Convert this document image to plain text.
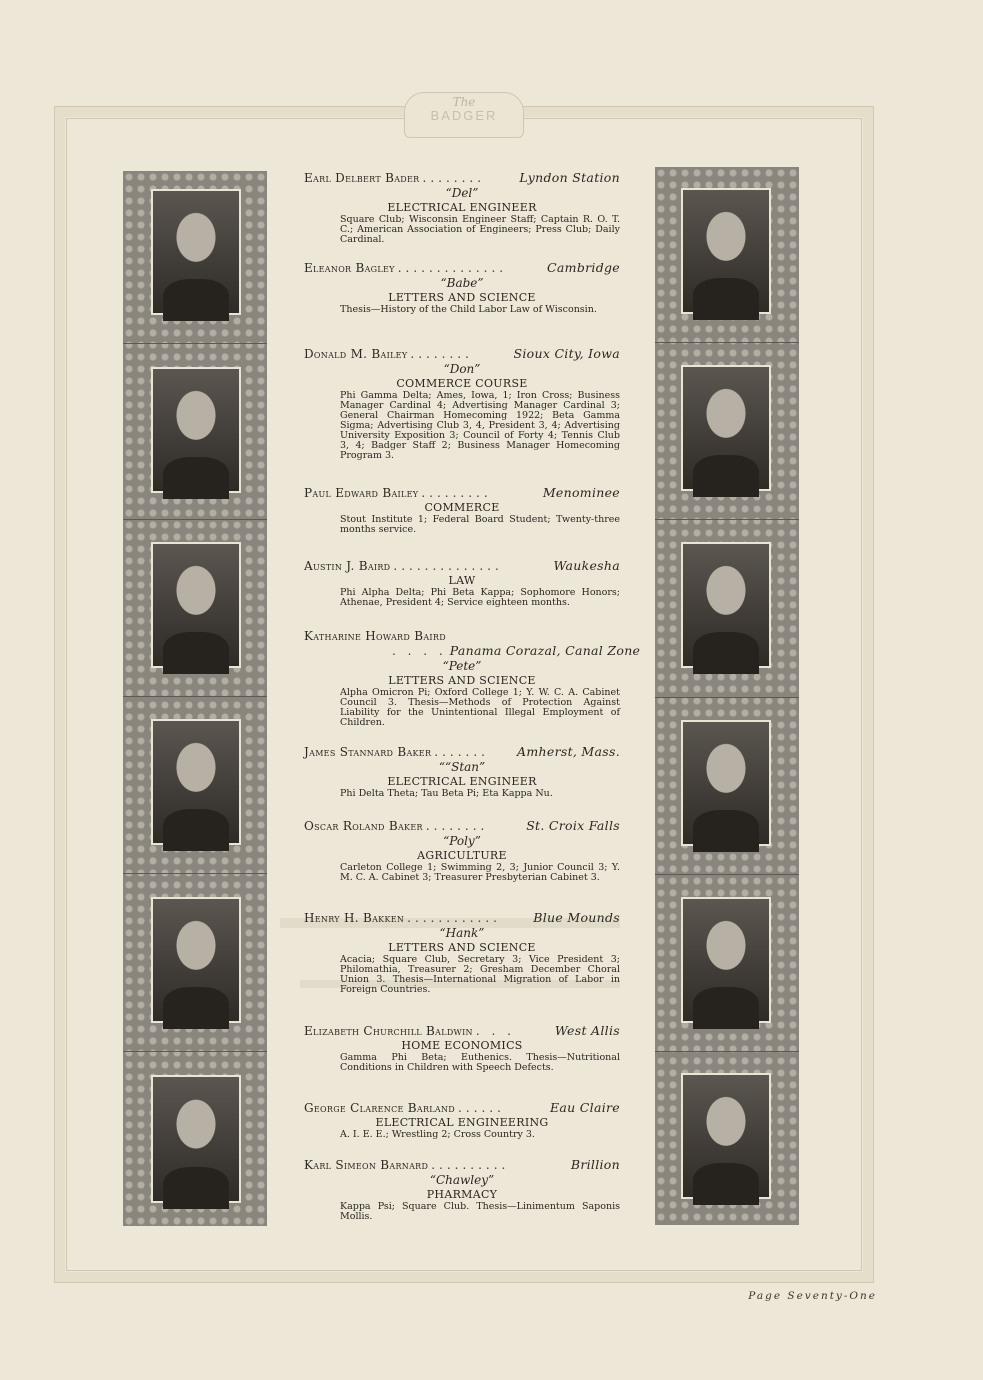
The
BADGER
Earl Delbert Bader ........	Lyndon Station
“Del”
ELECTRICAL ENGINEER
Square Club; Wisconsin Engineer Staff; Captain R. O. T. C.; American Association of Engineers; Press Club; Daily Cardinal.
Eleanor Bagley ..............	Cambridge
“Babe”
LETTERS AND SCIENCE
Thesis—History of the Child Labor Law of Wisconsin.
Donald M. Bailey ........	Sioux City, Iowa
“Don”
COMMERCE COURSE
Phi Gamma Delta; Ames, Iowa, 1; Iron Cross; Business Manager Cardinal 4; Advertising Manager Cardinal 3; General Chairman Homecoming 1922; Beta Gamma Sigma; Advertising Club 3, 4, President 3, 4; Advertising University Exposition 3; Council of Forty 4; Tennis Club 3, 4; Badger Staff 2; Business Manager Homecoming Program 3.
Paul Edward Bailey .........	Menominee
COMMERCE
Stout Institute 1; Federal Board Student; Twenty-three months service.
Austin J. Baird ..............	Waukesha
LAW
Phi Alpha Delta; Phi Beta Kappa; Sophomore Honors; Athenae, President 4; Service eighteen months.
Katharine Howard Baird
. . . . Panama Corazal, Canal Zone
“Pete”
LETTERS AND SCIENCE
Alpha Omicron Pi; Oxford College 1; Y. W. C. A. Cabinet Council 3. Thesis—Methods of Protection Against Liability for the Unintentional Illegal Employment of Children.
James Stannard Baker .......	Amherst, Mass.
““Stan”
ELECTRICAL ENGINEER
Phi Delta Theta; Tau Beta Pi; Eta Kappa Nu.
Oscar Roland Baker ........	St. Croix Falls
“Poly”
AGRICULTURE
Carleton College 1; Swimming 2, 3; Junior Council 3; Y. M. C. A. Cabinet 3; Treasurer Presbyterian Cabinet 3.
Henry H. Bakken ............	Blue Mounds
“Hank”
LETTERS AND SCIENCE
Acacia; Square Club, Secretary 3; Vice President 3; Philomathia, Treasurer 2; Gresham December Choral Union 3. Thesis—International Migration of Labor in Foreign Countries.
Elizabeth Churchill Baldwin . . .	West Allis
HOME ECONOMICS
Gamma Phi Beta; Euthenics. Thesis—Nutritional Conditions in Children with Speech Defects.
George Clarence Barland ......	Eau Claire
ELECTRICAL ENGINEERING
A. I. E. E.; Wrestling 2; Cross Country 3.
Karl Simeon Barnard ..........	Brillion
“Chawley”
PHARMACY
Kappa Psi; Square Club. Thesis—Linimentum Saponis Mollis.
Page Seventy-One
